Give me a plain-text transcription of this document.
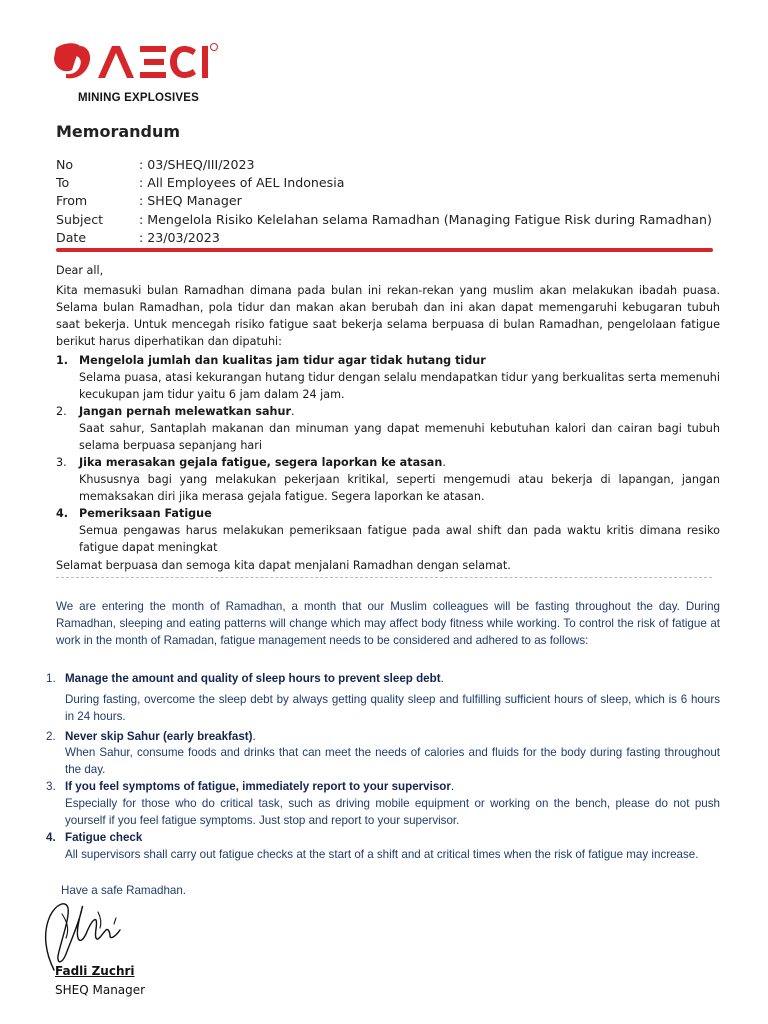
MINING EXPLOSIVES
Memorandum
No	: 03/SHEQ/III/2023
To	: All Employees of AEL Indonesia
From	: SHEQ Manager
Subject	: Mengelola Risiko Kelelahan selama Ramadhan (Managing Fatigue Risk during Ramadhan)
Date	: 23/03/2023
Dear all,
Kita memasuki bulan Ramadhan dimana pada bulan ini rekan-rekan yang muslim akan melakukan ibadah puasa. Selama bulan Ramadhan, pola tidur dan makan akan berubah dan ini akan dapat memengaruhi kebugaran tubuh saat bekerja. Untuk mencegah risiko fatigue saat bekerja selama berpuasa di bulan Ramadhan, pengelolaan fatigue berikut harus diperhatikan dan dipatuhi:
1. Mengelola jumlah dan kualitas jam tidur agar tidak hutang tidur
Selama puasa, atasi kekurangan hutang tidur dengan selalu mendapatkan tidur yang berkualitas serta memenuhi kecukupan jam tidur yaitu 6 jam dalam 24 jam.
2. Jangan pernah melewatkan sahur.
Saat sahur, Santaplah makanan dan minuman yang dapat memenuhi kebutuhan kalori dan cairan bagi tubuh selama berpuasa sepanjang hari
3. Jika merasakan gejala fatigue, segera laporkan ke atasan.
Khususnya bagi yang melakukan pekerjaan kritikal, seperti mengemudi atau bekerja di lapangan, jangan memaksakan diri jika merasa gejala fatigue. Segera laporkan ke atasan.
4. Pemeriksaan Fatigue
Semua pengawas harus melakukan pemeriksaan fatigue pada awal shift dan pada waktu kritis dimana resiko fatigue dapat meningkat
Selamat berpuasa dan semoga kita dapat menjalani Ramadhan dengan selamat.
We are entering the month of Ramadhan, a month that our Muslim colleagues will be fasting throughout the day. During Ramadhan, sleeping and eating patterns will change which may affect body fitness while working. To control the risk of fatigue at work in the month of Ramadan, fatigue management needs to be considered and adhered to as follows:
1. Manage the amount and quality of sleep hours to prevent sleep debt.
During fasting, overcome the sleep debt by always getting quality sleep and fulfilling sufficient hours of sleep, which is 6 hours in 24 hours.
2. Never skip Sahur (early breakfast).
When Sahur, consume foods and drinks that can meet the needs of calories and fluids for the body during fasting throughout the day.
3. If you feel symptoms of fatigue, immediately report to your supervisor.
Especially for those who do critical task, such as driving mobile equipment or working on the bench, please do not push yourself if you feel fatigue symptoms. Just stop and report to your supervisor.
4. Fatigue check
All supervisors shall carry out fatigue checks at the start of a shift and at critical times when the risk of fatigue may increase.
Have a safe Ramadhan.
Fadli Zuchri
SHEQ Manager
